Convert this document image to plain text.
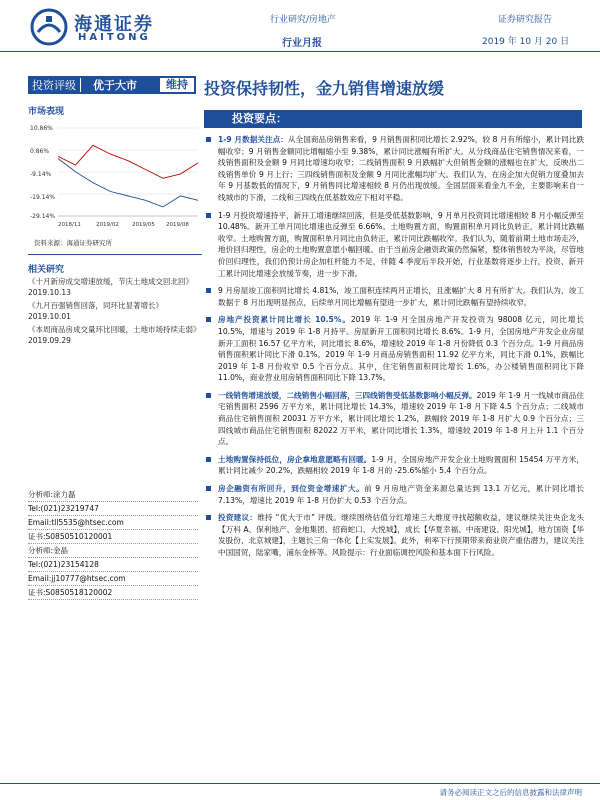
海通证券
HAITONG
行业研究/房地产
行业月报
证券研究报告
2019 年 10 月 20 日
投资评级	优于大市	维持	投资保持韧性，金九销售增速放缓
市场表现
10.86%
0.86%
-9.14%
-19.14%
-29.14%
2018/11	2019/02 2019/05 2019/08
资料来源：海通证券研究所
相关研究
《十月新房成交增速放缓，节庆土地成交回北回》
2019.10.13
《九月百强销售回落，同环比显著增长》
2019.10.01
《本周商品房成交量环比回暖，土地市场持续走弱》
2019.09.29
分析师:涂力磊
Tel:(021)23219747
Email:tll5535@htsec.com
证书:S0850510120001
分析师:金晶
Tel:(021)23154128
Email:jj10777@htsec.com
证书:S0850518120002
投资要点：
1-9 月数据关注点：从全国商品房销售来看，9 月销售面积同比增长 2.92%，较 8 月有所缩小，累计同比跌幅收窄；9 月销售金额同比增幅缩小至 9.38%，累计同比涨幅有所扩大。从分线商品住宅销售情况来看，一线销售面积及金额 9 月同比增速均收窄；二线销售面积 9 月跌幅扩大但销售金额的涨幅也在扩大，反映出二线销售单价 9 月上行；三四线销售面积及金额 9 月同比涨幅均扩大。我们认为，在房企加大促销力度叠加去年 9 月基数低的情况下，9 月销售同比增速相较 8 月仍出现放缓。全国层面来看金九不金，主要影响来自一线城市的下滑，二线和三四线在低基数效应下相对平稳。
1-9 月投资增速持平，新开工增速继续回落，但是受低基数影响，9 月单月投资同比增速相较 8 月小幅反弹至 10.48%。新开工单月同比增速也反弹至 6.66%。土地购置方面，购置面积单月同比负转正，累计同比跌幅收窄。土地购置方面，购置面积单月同比由负转正，累计同比跌幅收窄。我们认为，随着前期土地市场走冷，地价回归理性，房企的土地购置意愿小幅回暖。由于当前房企融资政策仍然偏紧，整体销售较为平淡，尽管地价回归理性，我们仍预计房企加杠杆能力不足，伴随 4 季度后半段开始，行业基数将逐步上行，投资、新开工累计同比增速会放缓节奏，进一步下滑。
9 月房屋竣工面积同比增长 4.81%，竣工面积连续两月正增长，且涨幅扩大 8 月有所扩大。我们认为，竣工数据于 8 月出现明显拐点，后续单月同比增幅有望进一步扩大，累计同比跌幅有望持续收窄。
房地产投资累计同比增长 10.5%。2019 年 1-9 月全国房地产开发投资为 98008 亿元，同比增长 10.5%，增速与 2019 年 1-8 月持平。房屋新开工面积同比增长 8.6%。1-9 月，全国房地产开发企业房屋新开工面积 16.57 亿平方米，同比增长 8.6%，增速较 2019 年 1-8 月份降低 0.3 个百分点。1-9 月商品房销售面积累计同比下滑 0.1%。2019 年 1-9 月商品房销售面积 11.92 亿平方米，同比下滑 0.1%，跌幅比 2019 年 1-8 月份收窄 0.5 个百分点。其中，住宅销售面积同比增长 1.6%，办公楼销售面积同比下降 11.0%，商业营业用房销售面积同比下降 13.7%。
一线销售增速放缓，二线销售小幅回落，三四线销售受低基数影响小幅反弹。2019 年 1-9 月一线城市商品住宅销售面积 2596 万平方米，累计同比增长 14.3%，增速较 2019 年 1-8 月下降 4.5 个百分点；二线城市商品住宅销售面积 20031 万平方米，累计同比增长 1.2%，跌幅较 2019 年 1-8 月扩大 0.9 个百分点；三四线城市商品住宅销售面积 82022 万平米，累计同比增长 1.3%，增速较 2019 年 1-8 月上升 1.1 个百分点。
土地购置保持低位，房企拿地意愿略有回暖。1-9 月，全国房地产开发企业土地购置面积 15454 万平方米，累计同比减少 20.2%，跌幅相较 2019 年 1-8 月的 -25.6%缩小 5.4 个百分点。
房企融资有所回升，到位资金增速扩大。前 9 月房地产资金来源总量达到 13.1 万亿元，累计同比增长 7.13%，增速比 2019 年 1-8 月份扩大 0.53 个百分点。
投资建议：维持 “优大于市” 评级。继续围绕估值分红增速三大维度寻找超额收益，建议继续关注央企龙头【万科 A、保利地产、金地集团、招商蛇口、大悦城】，成长【华夏幸福、中南建设、阳光城】，地方国资【华发股份、北京城建】，主题长三角一体化【上实发展】。此外，利率下行预期带来商业资产重估潜力，建议关注中国国贸，陆家嘴，浦东金桥等。风险提示：行业面临调控风险和基本面下行风险。
请务必阅读正文之后的信息披露和法律声明
